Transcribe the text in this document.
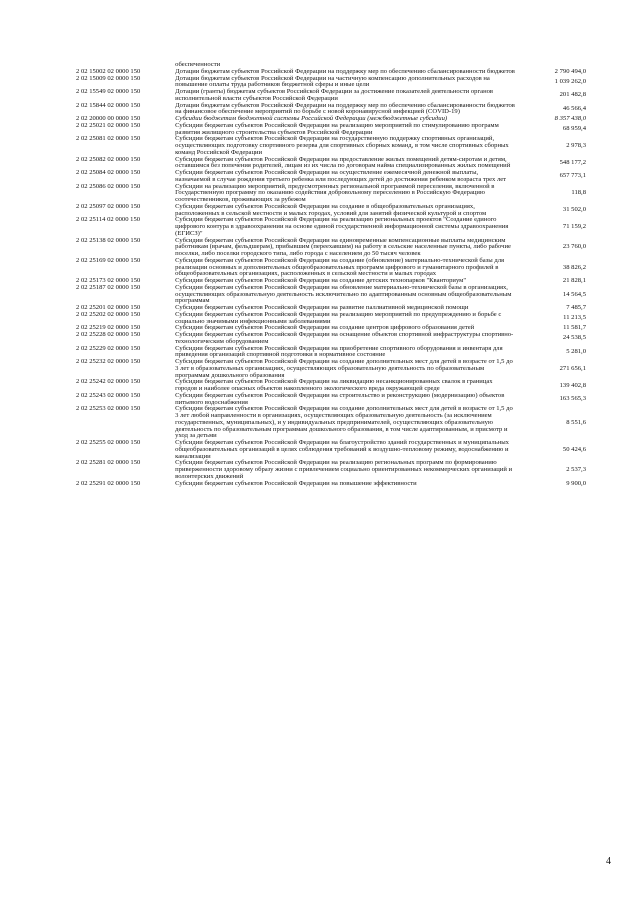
	обеспеченности	
2 02 15002 02 0000 150	Дотации бюджетам субъектов Российской Федерации на поддержку мер по обеспечению сбалансированности бюджетов	2 790 494,0
2 02 15009 02 0000 150	Дотации бюджетам субъектов Российской Федерации на частичную компенсацию дополнительных расходов на повышение оплаты труда работников бюджетной сферы и иные цели	1 039 262,0
2 02 15549 02 0000 150	Дотации (гранты) бюджетам субъектов Российской Федерации за достижение показателей деятельности органов исполнительной власти субъектов Российской Федерации	201 482,8
2 02 15844 02 0000 150	Дотации бюджетам субъектов Российской Федерации на поддержку мер по обеспечению сбалансированности бюджетов на финансовое обеспечение мероприятий по борьбе с новой коронавирусной инфекцией (COVID-19)	46 566,4
2 02 20000 00 0000 150	Субсидии бюджетам бюджетной системы Российской Федерации (межбюджетные субсидии)	8 357 438,0
2 02 25021 02 0000 150	Субсидии бюджетам субъектов Российской Федерации на реализацию мероприятий по стимулированию программ развития жилищного строительства субъектов Российской Федерации	68 959,4
2 02 25081 02 0000 150	Субсидии бюджетам субъектов Российской Федерации на государственную поддержку спортивных организаций, осуществляющих подготовку спортивного резерва для спортивных сборных команд, в том числе спортивных сборных команд Российской Федерации	2 978,3
2 02 25082 02 0000 150	Субсидии бюджетам субъектов Российской Федерации на предоставление жилых помещений детям-сиротам и детям, оставшимся без попечения родителей, лицам из их числа по договорам найма специализированных жилых помещений	548 177,2
2 02 25084 02 0000 150	Субсидии бюджетам субъектов Российской Федерации на осуществление ежемесячной денежной выплаты, назначаемой в случае рождения третьего ребенка или последующих детей до достижения ребенком возраста трех лет	657 773,1
2 02 25086 02 0000 150	Субсидии на реализацию мероприятий, предусмотренных региональной программой переселения, включенной в Государственную программу по оказанию содействия добровольному переселению в Российскую Федерацию соотечественников, проживающих за рубежом	118,8
2 02 25097 02 0000 150	Субсидии бюджетам субъектов Российской Федерации на создание в общеобразовательных организациях, расположенных в сельской местности и малых городах, условий для занятий физической культурой и спортом	31 502,0
2 02 25114 02 0000 150	Субсидии бюджетам субъектов Российской Федерации на реализацию региональных проектов "Создание единого цифрового контура в здравоохранении на основе единой государственной информационной системы здравоохранения (ЕГИСЗ)"	71 159,2
2 02 25138 02 0000 150	Субсидии бюджетам субъектов Российской Федерации на единовременные компенсационные выплаты медицинским работникам (врачам, фельдшерам), прибывшим (переехавшим) на работу в сельские населенные пункты, либо рабочие поселки, либо поселки городского типа, либо города с населением до 50 тысяч человек	23 760,0
2 02 25169 02 0000 150	Субсидии бюджетам субъектов Российской Федерации на создание (обновление) материально-технической базы для реализации основных и дополнительных общеобразовательных программ цифрового и гуманитарного профилей в общеобразовательных организациях, расположенных в сельской местности и малых городах	38 826,2
2 02 25173 02 0000 150	Субсидии бюджетам субъектов Российской Федерации на создание детских технопарков "Кванториум"	21 828,1
2 02 25187 02 0000 150	Субсидии бюджетам субъектов Российской Федерации на обновление материально-технической базы в организациях, осуществляющих образовательную деятельность исключительно по адаптированным основным общеобразовательным программам	14 564,5
2 02 25201 02 0000 150	Субсидии бюджетам субъектов Российской Федерации на развитие паллиативной медицинской помощи	7 485,7
2 02 25202 02 0000 150	Субсидии бюджетам субъектов Российской Федерации на реализацию мероприятий по предупреждению и борьбе с социально значимыми инфекционными заболеваниями	11 213,5
2 02 25219 02 0000 150	Субсидии бюджетам субъектов Российской Федерации на создание центров цифрового образования детей	11 581,7
2 02 25228 02 0000 150	Субсидии бюджетам субъектов Российской Федерации на оснащение объектов спортивной инфраструктуры спортивно-технологическим оборудованием	24 538,5
2 02 25229 02 0000 150	Субсидии бюджетам субъектов Российской Федерации на приобретение спортивного оборудования и инвентаря для приведения организаций спортивной подготовки в нормативное состояние	5 281,0
2 02 25232 02 0000 150	Субсидии бюджетам субъектов Российской Федерации на создание дополнительных мест для детей в возрасте от 1,5 до 3 лет в образовательных организациях, осуществляющих образовательную деятельность по образовательным программам дошкольного образования	271 656,1
2 02 25242 02 0000 150	Субсидии бюджетам субъектов Российской Федерации на ликвидацию несанкционированных свалок в границах городов и наиболее опасных объектов накопленного экологического вреда окружающей среде	139 402,8
2 02 25243 02 0000 150	Субсидии бюджетам субъектов Российской Федерации на строительство и реконструкцию (модернизацию) объектов питьевого водоснабжения	163 565,3
2 02 25253 02 0000 150	Субсидии бюджетам субъектов Российской Федерации на создание дополнительных мест для детей в возрасте от 1,5 до 3 лет любой направленности в организациях, осуществляющих образовательную деятельность (за исключением государственных, муниципальных), и у индивидуальных предпринимателей, осуществляющих образовательную деятельность по образовательным программам дошкольного образования, в том числе адаптированным, и присмотр и уход за детьми	8 551,6
2 02 25255 02 0000 150	Субсидии бюджетам субъектов Российской Федерации на благоустройство зданий государственных и муниципальных общеобразовательных организаций в целях соблюдения требований к воздушно-тепловому режиму, водоснабжению и канализации	50 424,6
2 02 25281 02 0000 150	Субсидии бюджетам субъектов Российской Федерации на реализацию региональных программ по формированию приверженности здоровому образу жизни с привлечением социально ориентированных некоммерческих организаций и волонтерских движений	2 537,3
2 02 25291 02 0000 150	Субсидии бюджетам субъектов Российской Федерации на повышение эффективности	9 900,0
4
